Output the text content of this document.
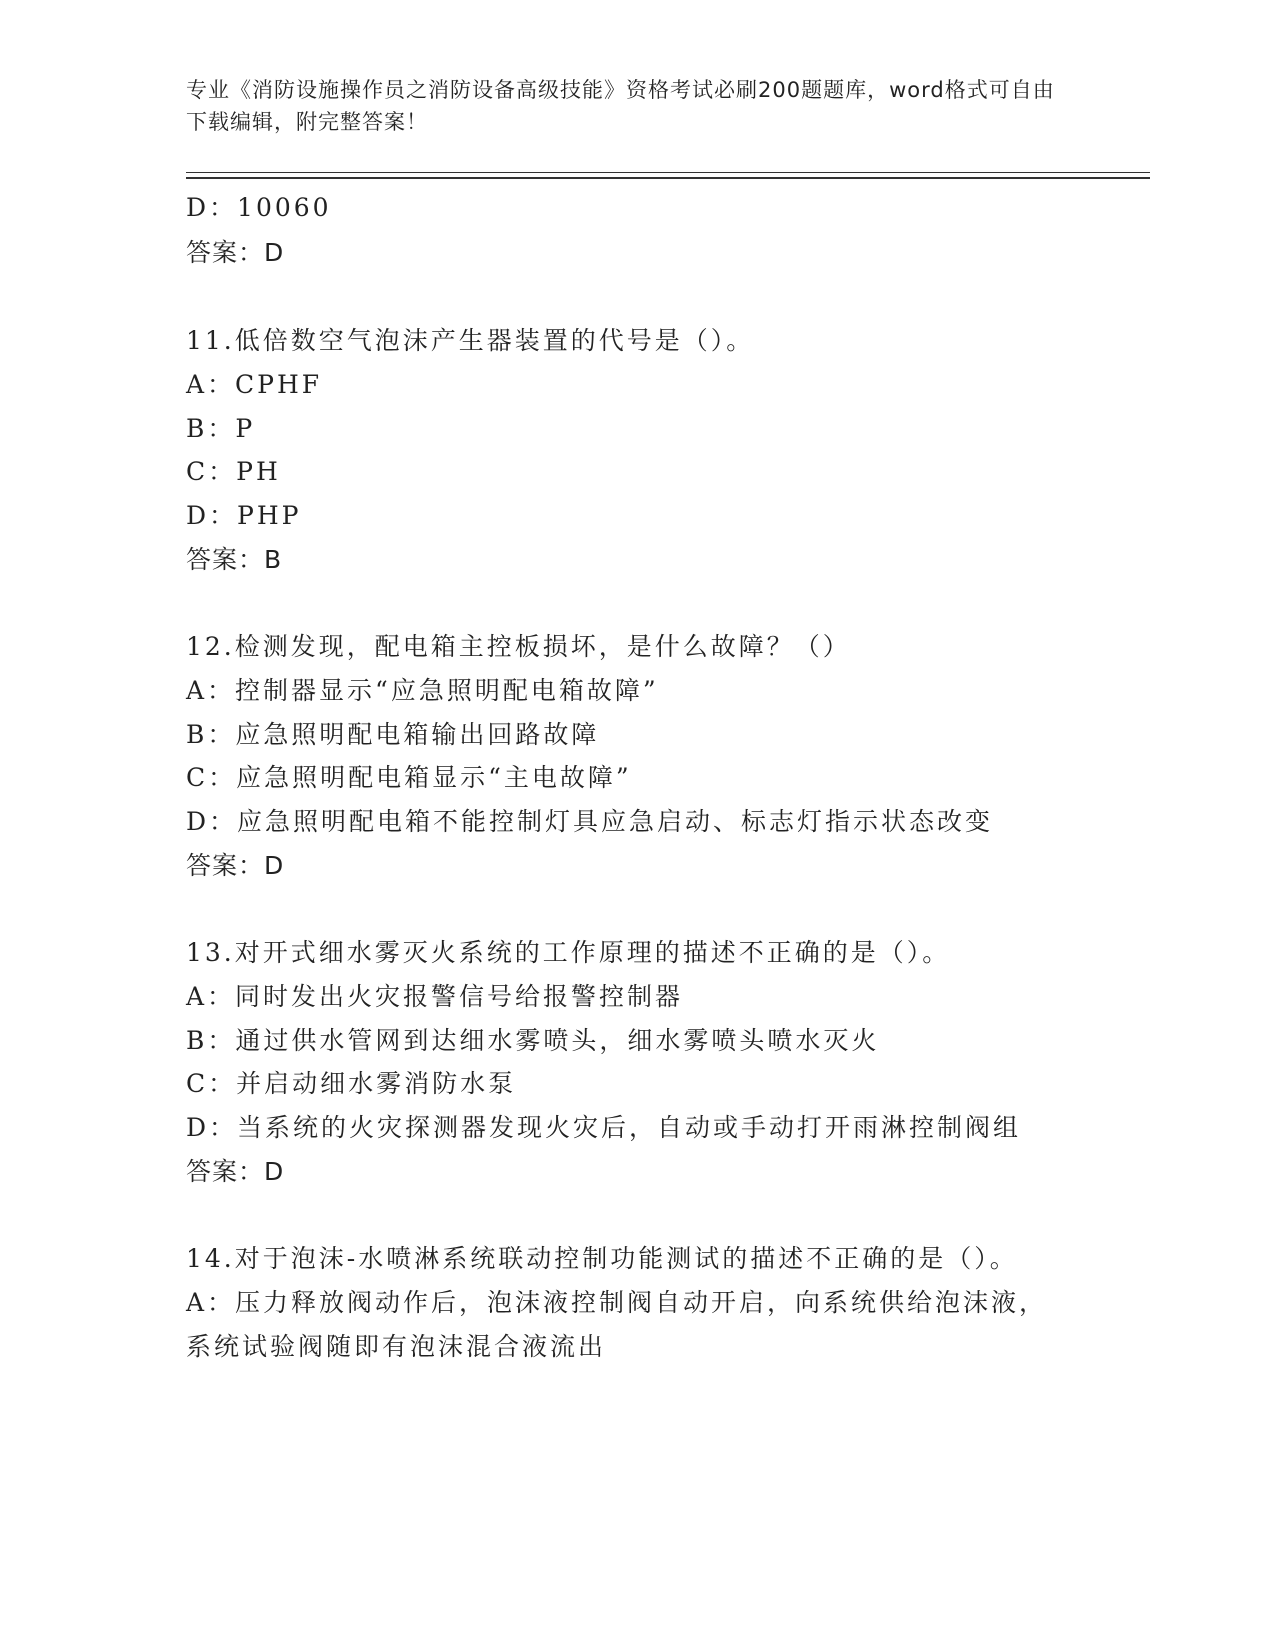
专业《消防设施操作员之消防设备高级技能》资格考试必刷200题题库，word格式可自由下载编辑，附完整答案！
D：10060
答案：D
11.低倍数空气泡沫产生器装置的代号是（）。
A：CPHF
B：P
C：PH
D：PHP
答案：B
12.检测发现，配电箱主控板损坏，是什么故障？（）
A：控制器显示“应急照明配电箱故障”
B：应急照明配电箱输出回路故障
C：应急照明配电箱显示“主电故障”
D：应急照明配电箱不能控制灯具应急启动、标志灯指示状态改变
答案：D
13.对开式细水雾灭火系统的工作原理的描述不正确的是（）。
A：同时发出火灾报警信号给报警控制器
B：通过供水管网到达细水雾喷头，细水雾喷头喷水灭火
C：并启动细水雾消防水泵
D：当系统的火灾探测器发现火灾后，自动或手动打开雨淋控制阀组
答案：D
14.对于泡沫-水喷淋系统联动控制功能测试的描述不正确的是（）。
A：压力释放阀动作后，泡沫液控制阀自动开启，向系统供给泡沫液，
系统试验阀随即有泡沫混合液流出
